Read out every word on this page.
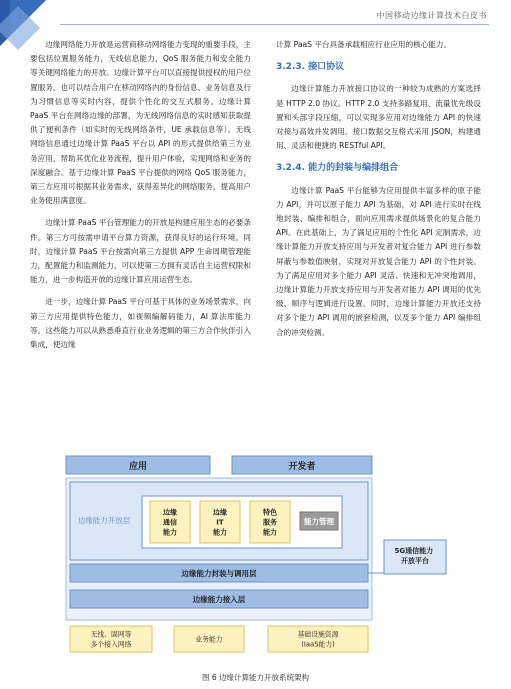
中国移动边缘计算技术白皮书

边缘网络能力开放是运营商移动网络能力变现的重要手段，主要包括位置服务能力，无线信息能力，QoS 服务能力和安全能力等关键网络能力的开放。边缘计算平台可以直接提供授权的用户位置服务，也可以结合用户在移动网络内的身份信息、业务信息及行为习惯信息等实时内容，提供个性化的交互式服务。边缘计算 PaaS 平台在网络边缘的部署，为无线网络信息的实时感知获取提供了便利条件（如实时的无线网络条件，UE 承载信息等）。无线网络信息通过边缘计算 PaaS 平台以 API 的形式提供给第三方业务应用，帮助其优化业务流程，提升用户体验，实现网络和业务的深度融合。基于边缘计算 PaaS 平台提供的网络 QoS 服务能力，第三方应用可根据其业务需求，获得差异化的网络服务，提高用户业务使用满意度。

边缘计算 PaaS 平台管理能力的开放是构建应用生态的必要条件。第三方可按需申请平台算力资源，获得良好的运行环境。同时，边缘计算 PaaS 平台按需向第三方提供 APP 生命周期管理能力，配置能力和监测能力，可以使第三方拥有灵活自主运营权限和能力，进一步构造开放的边缘计算应用运营生态。

进一步，边缘计算 PaaS 平台可基于具体的业务场景需求，向第三方应用提供特色能力，如视频编解码能力，AI 算法库能力等。这些能力可以从熟悉垂直行业业务逻辑的第三方合作伙伴引入集成，使边缘

计算 PaaS 平台具备承载相应行业应用的核心能力。

3.2.3. 接口协议

边缘计算能力开放接口协议的一种较为成熟的方案选择是 HTTP 2.0 协议。HTTP 2.0 支持多路复用、流量优先级设置和头部字段压缩，可以实现多应用对边缘能力 API 的快速对接与高效并发调用。接口数据交互格式采用 JSON，构建通用、灵活和便捷的 RESTful API。

3.2.4. 能力的封装与编排组合

边缘计算 PaaS 平台能够为应用提供丰富多样的原子能力 API，并可以原子能力 API 为基础，对 API 进行实时在线地封装、编排和组合，面向应用需求提供场景化的复合能力 API。在此基础上，为了满足应用的个性化 API 定制需求，边缘计算能力开放支持应用与开发者对复合能力 API 进行参数屏蔽与参数值映射，实现对开放复合能力 API 的个性封装。为了满足应用对多个能力 API 灵活、快速和无冲突地调用，边缘计算能力开放支持应用与开发者对能力 API 调用的优先级、顺序与逻辑进行设置。同时，边缘计算能力开放还支持对多个能力 API 调用的嵌套检测，以及多个能力 API 编排组合的冲突检测。

应用	开发者
边缘能力开放层
边缘通信能力
边缘 IT 能力
特色服务能力
能力管理
边缘能力封装与调用层
边缘能力接入层
5G通信能力 开放平台
无线、固网等多个接入网络
业务能力
基础设施资源(IaaS能力)
图 6 边缘计算能力开放系统架构
